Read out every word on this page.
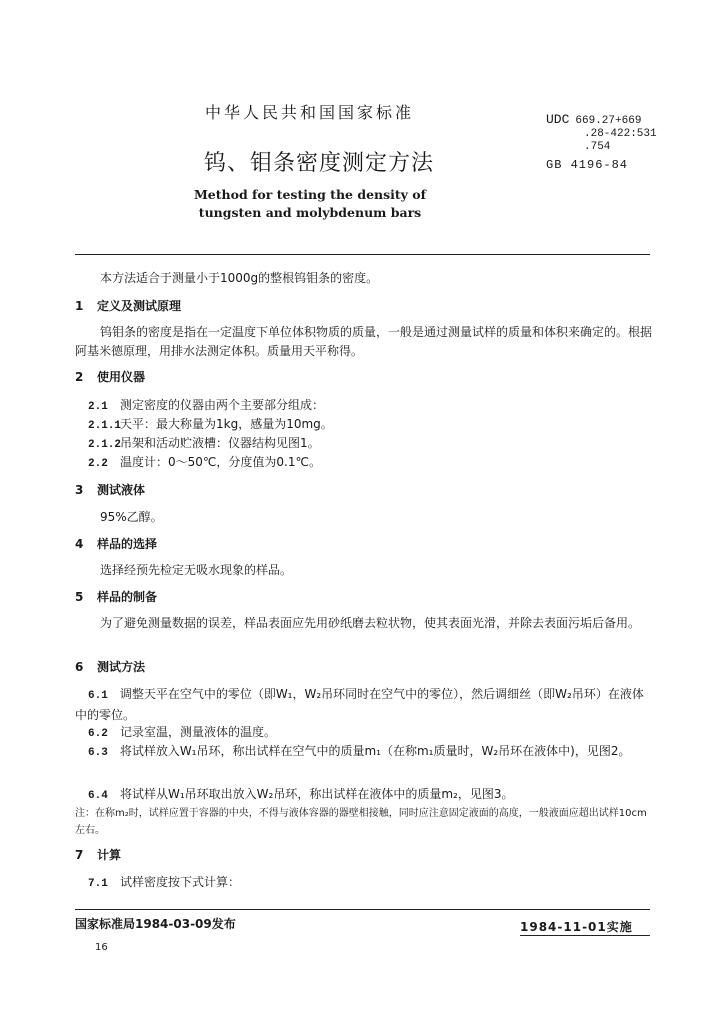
中华人民共和国国家标准	UDC 669.27+669
.28-422:531
.754
GB 4196-84
钨、钼条密度测定方法
Method for testing the density of
tungsten and molybdenum bars
本方法适合于测量小于1000g的整根钨钼条的密度。
1 定义及测试原理
钨钼条的密度是指在一定温度下单位体积物质的质量，一般是通过测量试样的质量和体积来确定的。根据阿基米德原理，用排水法测定体积。质量用天平称得。
2 使用仪器
2.1 测定密度的仪器由两个主要部分组成：
2.1.1天平：最大称量为1kg，感量为10mg。
2.1.2吊架和活动贮液槽：仪器结构见图1。
2.2 温度计：0～50℃，分度值为0.1℃。
3 测试液体
95%乙醇。
4 样品的选择
选择经预先检定无吸水现象的样品。
5 样品的制备
为了避免测量数据的误差，样品表面应先用砂纸磨去粒状物，使其表面光滑，并除去表面污垢后备用。
6 测试方法
6.1 调整天平在空气中的零位（即W₁，W₂吊环同时在空气中的零位），然后调细丝（即W₂吊环）在液体中的零位。
6.2 记录室温，测量液体的温度。
6.3 将试样放入W₁吊环，称出试样在空气中的质量m₁（在称m₁质量时，W₂吊环在液体中)，见图2。
6.4 将试样从W₁吊环取出放入W₂吊环，称出试样在液体中的质量m₂，见图3。
注：在称m₂时，试样应置于容器的中央，不得与液体容器的器壁相接触，同时应注意固定液面的高度，一般液面应超出试样10cm左右。
7 计算
7.1 试样密度按下式计算：
国家标准局1984-03-09发布	1984-11-01实施
16
